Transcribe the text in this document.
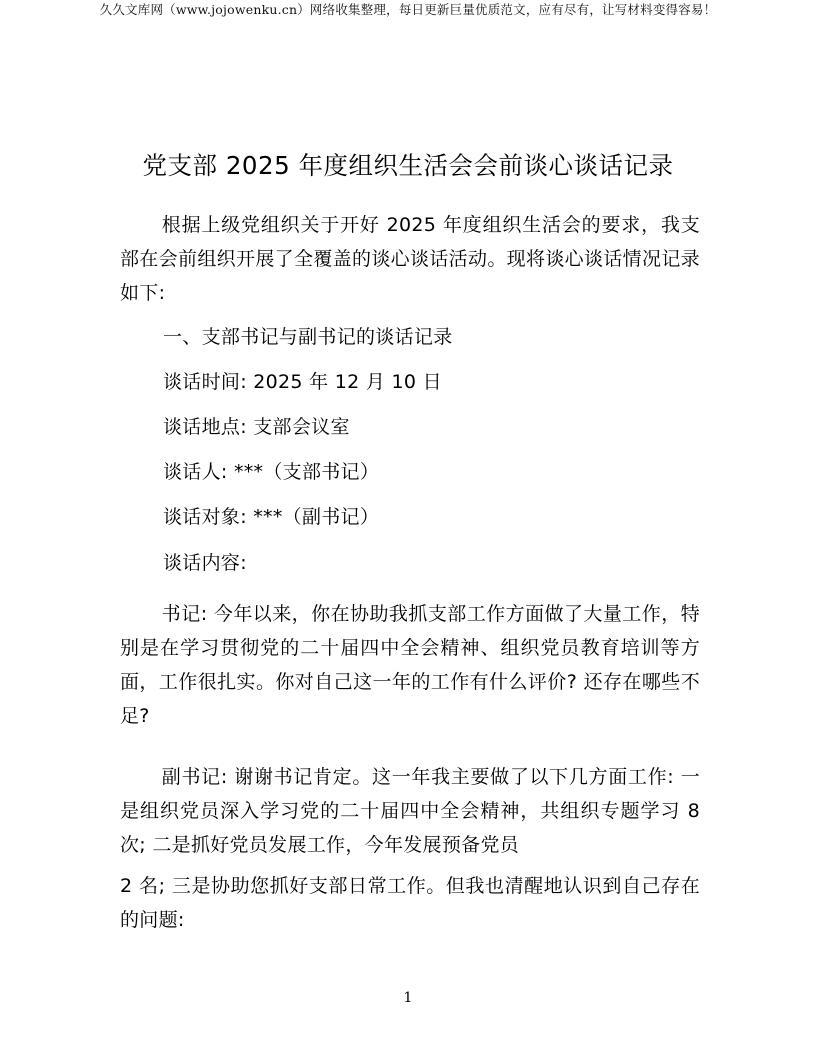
久久文库网（www.jojowenku.cn）网络收集整理，每日更新巨量优质范文，应有尽有，让写材料变得容易！
党支部 2025 年度组织生活会会前谈心谈话记录

根据上级党组织关于开好 2025 年度组织生活会的要求，我支部在会前组织开展了全覆盖的谈心谈话活动。现将谈心谈话情况记录如下:

一、支部书记与副书记的谈话记录

谈话时间: 2025 年 12 月 10 日

谈话地点: 支部会议室

谈话人: ***（支部书记）

谈话对象: ***（副书记）

谈话内容:

书记: 今年以来，你在协助我抓支部工作方面做了大量工作，特别是在学习贯彻党的二十届四中全会精神、组织党员教育培训等方面，工作很扎实。你对自己这一年的工作有什么评价? 还存在哪些不足?

副书记: 谢谢书记肯定。这一年我主要做了以下几方面工作: 一是组织党员深入学习党的二十届四中全会精神，共组织专题学习 8 次; 二是抓好党员发展工作，今年发展预备党员

2 名; 三是协助您抓好支部日常工作。但我也清醒地认识到自己存在的问题:

1
